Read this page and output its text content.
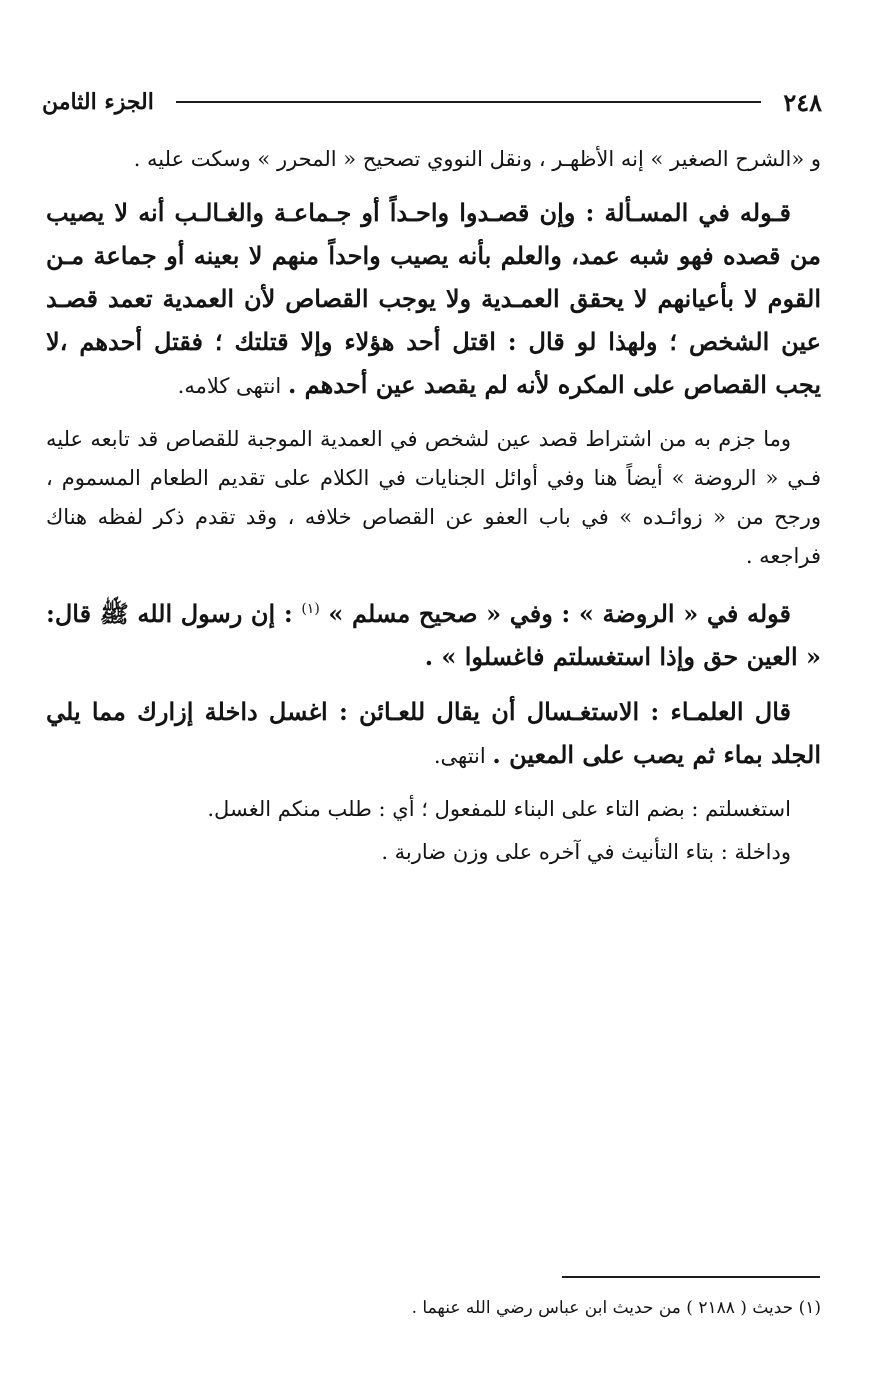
٢٤٨
الجزء الثامن

و «الشرح الصغير » إنه الأظهـر ، ونقل النووي تصحيح « المحرر » وسكت عليه .

قـوله في المسـألة : وإن قصـدوا واحـداً أو جـماعـة والغـالـب أنه لا يصيب من قصده فهو شبه عمد، والعلم بأنه يصيب واحداً منهم لا بعينه أو جماعة مـن القوم لا بأعيانهم لا يحقق العمـدية ولا يوجب القصاص لأن العمدية تعمد قصـد عين الشخص ؛ ولهذا لو قال : اقتل أحد هؤلاء وإلا قتلتك ؛ فقتل أحدهم ،لا يجب القصاص على المكره لأنه لم يقصد عين أحدهم . انتهى كلامه.

وما جزم به من اشتراط قصد عين لشخص في العمدية الموجبة للقصاص قد تابعه عليه فـي « الروضة » أيضاً هنا وفي أوائل الجنايات في الكلام على تقديم الطعام المسموم ، ورجح من « زوائـده » في باب العفو عن القصاص خلافه ، وقد تقدم ذكر لفظه هناك فراجعه .

قوله في « الروضة » : وفي « صحيح مسلم » $^{(١)}$ : إن رسول الله ﷺ قال: « العين حق وإذا استغسلتم فاغسلوا » .

قال العلمـاء : الاستغـسال أن يقال للعـائن : اغسل داخلة إزارك مما يلي الجلد بماء ثم يصب على المعين . انتهى.

استغسلتم : بضم التاء على البناء للمفعول ؛ أي : طلب منكم الغسل.

وداخلة : بتاء التأنيث في آخره على وزن ضاربة .

(١) حديث ( ٢١٨٨ ) من حديث ابن عباس رضي الله عنهما .
